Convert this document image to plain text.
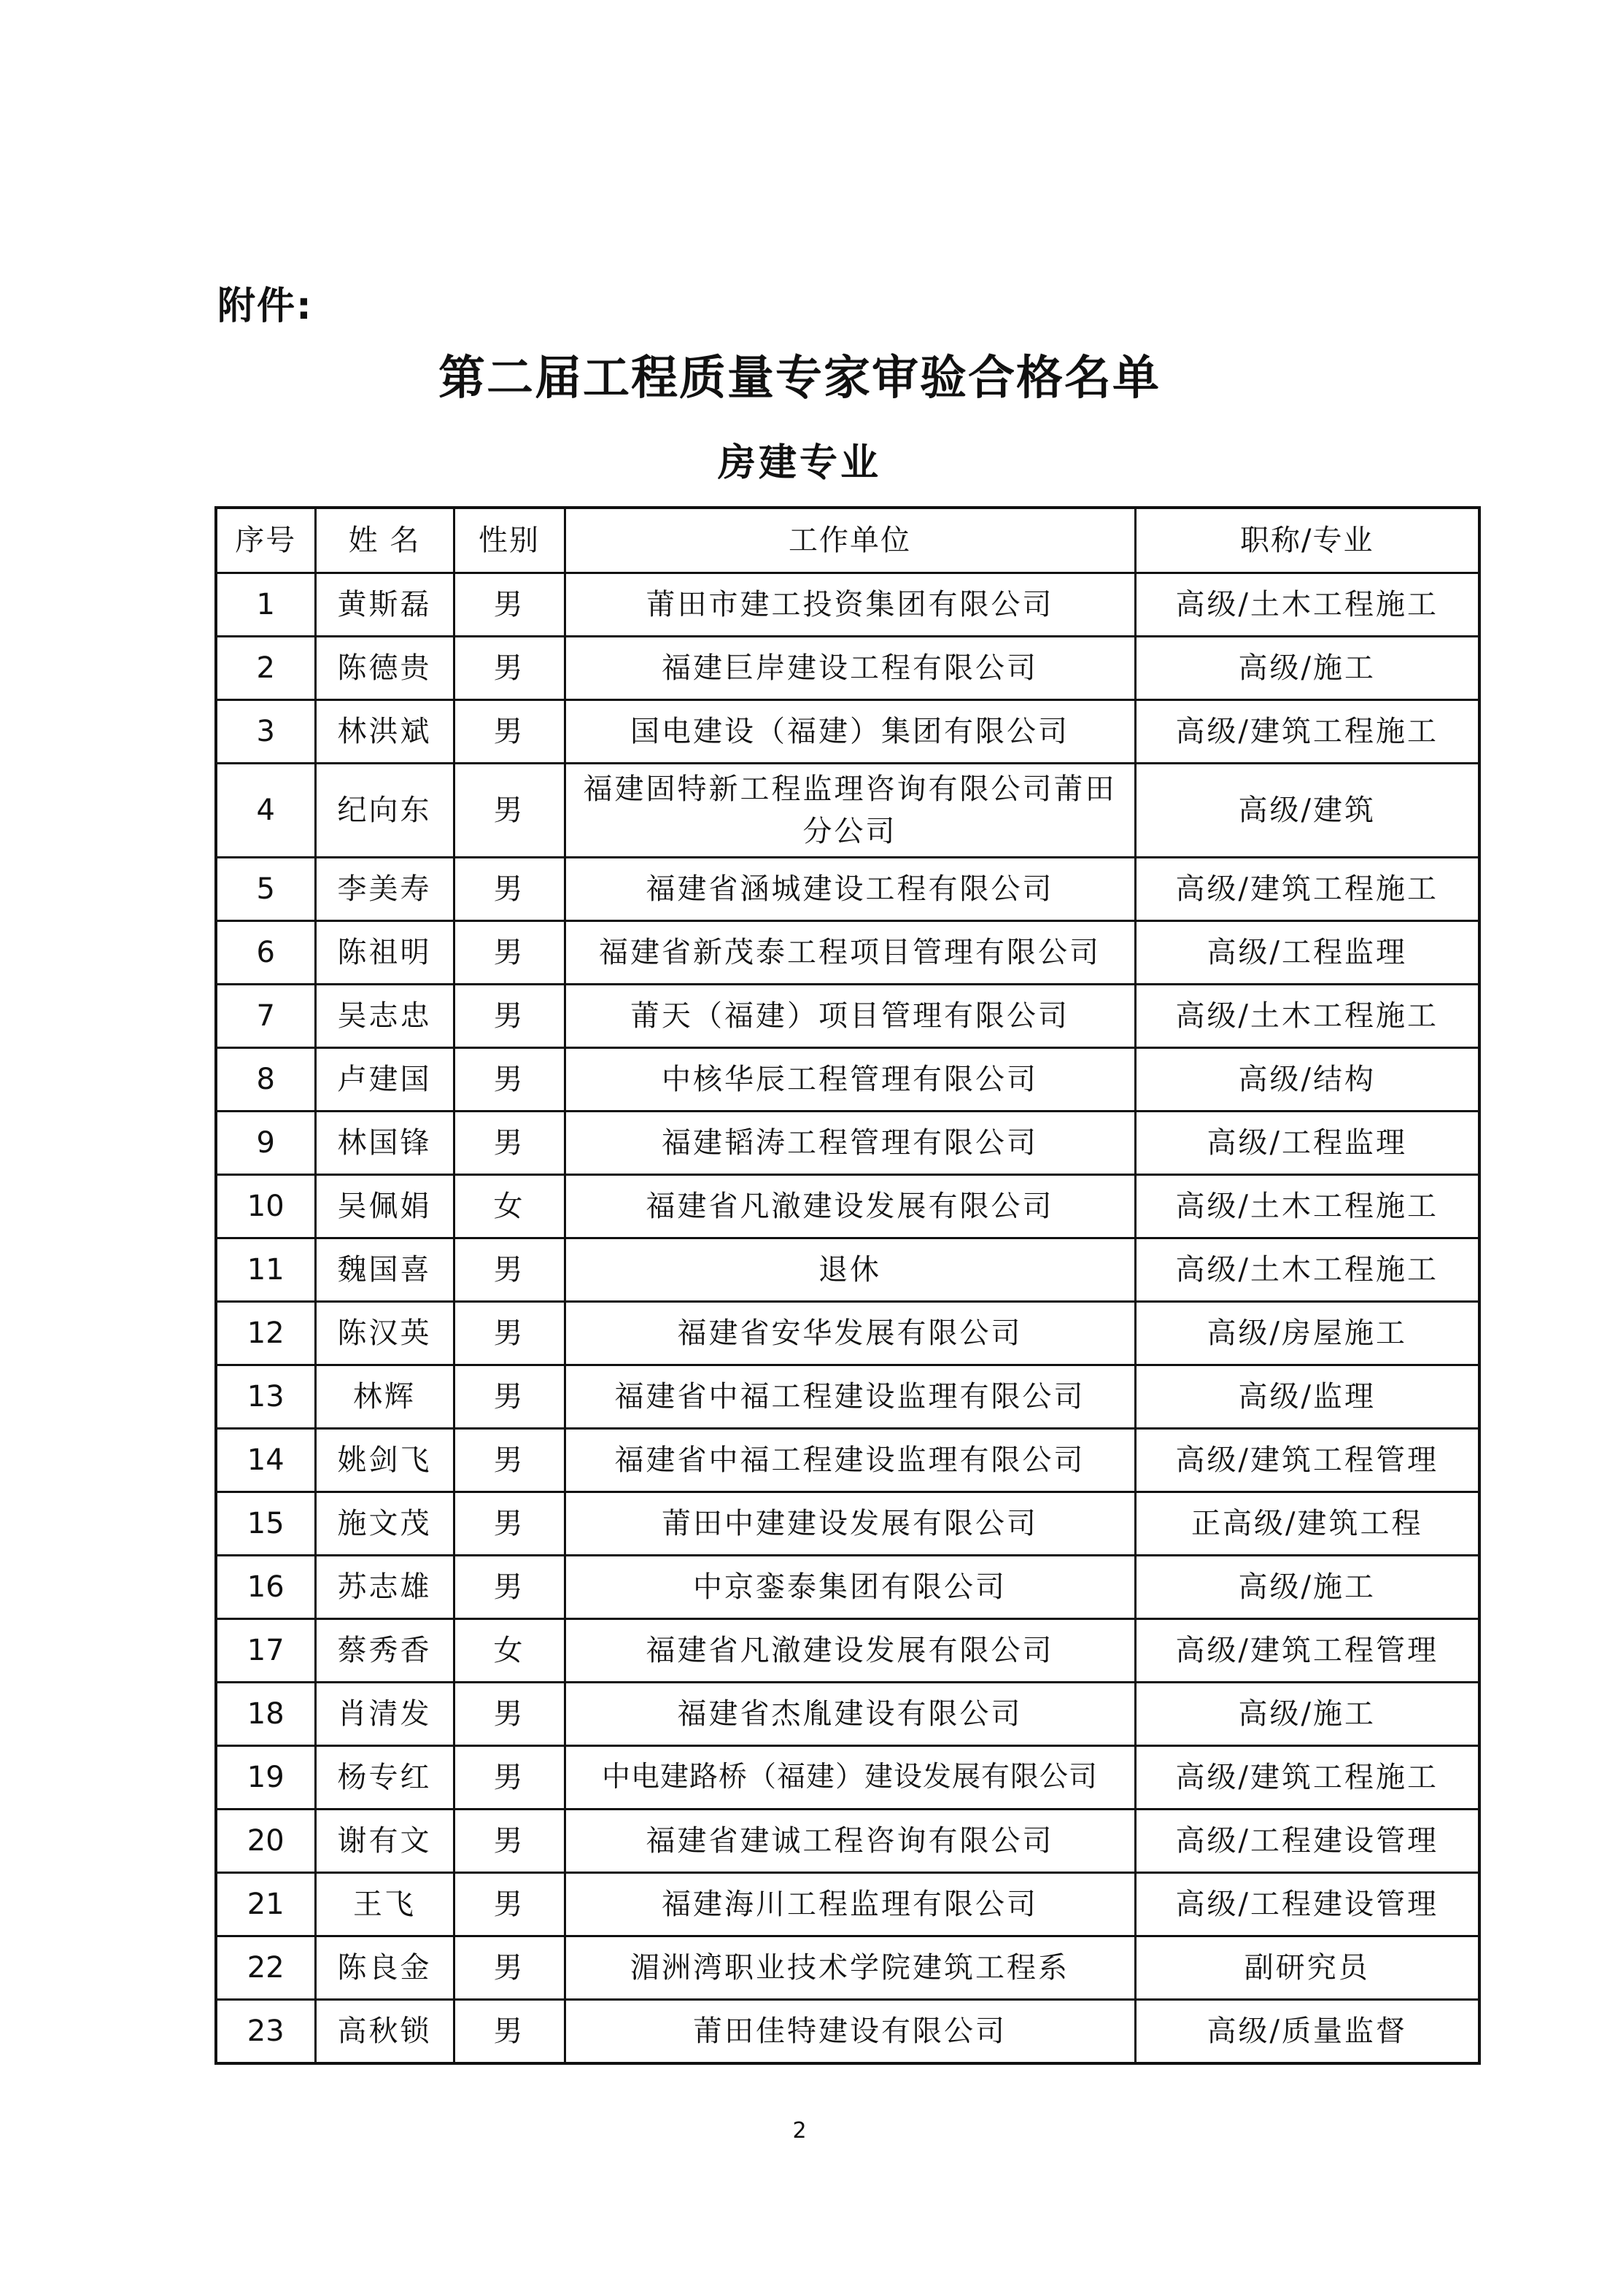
附件:
第二届工程质量专家审验合格名单
房建专业
序号	姓 名	性别	工作单位	职称/专业
1	黄斯磊	男	莆田市建工投资集团有限公司	高级/土木工程施工
2	陈德贵	男	福建巨岸建设工程有限公司	高级/施工
3	林洪斌	男	国电建设（福建）集团有限公司	高级/建筑工程施工
4	纪向东	男	福建固特新工程监理咨询有限公司莆田分公司	高级/建筑
5	李美寿	男	福建省涵城建设工程有限公司	高级/建筑工程施工
6	陈祖明	男	福建省新茂泰工程项目管理有限公司	高级/工程监理
7	吴志忠	男	莆天（福建）项目管理有限公司	高级/土木工程施工
8	卢建国	男	中核华辰工程管理有限公司	高级/结构
9	林国锋	男	福建韬涛工程管理有限公司	高级/工程监理
10	吴佩娟	女	福建省凡澈建设发展有限公司	高级/土木工程施工
11	魏国喜	男	退休	高级/土木工程施工
12	陈汉英	男	福建省安华发展有限公司	高级/房屋施工
13	林辉	男	福建省中福工程建设监理有限公司	高级/监理
14	姚剑飞	男	福建省中福工程建设监理有限公司	高级/建筑工程管理
15	施文茂	男	莆田中建建设发展有限公司	正高级/建筑工程
16	苏志雄	男	中京銮泰集团有限公司	高级/施工
17	蔡秀香	女	福建省凡澈建设发展有限公司	高级/建筑工程管理
18	肖清发	男	福建省杰胤建设有限公司	高级/施工
19	杨专红	男	中电建路桥（福建）建设发展有限公司	高级/建筑工程施工
20	谢有文	男	福建省建诚工程咨询有限公司	高级/工程建设管理
21	王飞	男	福建海川工程监理有限公司	高级/工程建设管理
22	陈良金	男	湄洲湾职业技术学院建筑工程系	副研究员
23	高秋锁	男	莆田佳特建设有限公司	高级/质量监督
2
